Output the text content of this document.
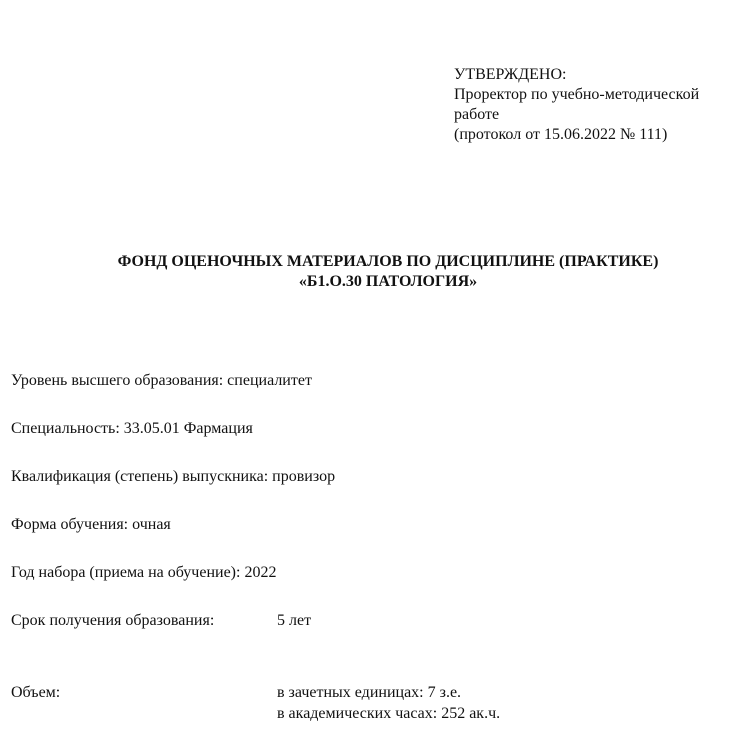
УТВЕРЖДЕНО:
Проректор по учебно-методической
работе
(протокол от 15.06.2022 № 111)
ФОНД ОЦЕНОЧНЫХ МАТЕРИАЛОВ ПО ДИСЦИПЛИНЕ (ПРАКТИКЕ)
«Б1.О.30 ПАТОЛОГИЯ»
Уровень высшего образования: специалитет
Специальность: 33.05.01 Фармация
Квалификация (степень) выпускника: провизор
Форма обучения: очная
Год набора (приема на обучение): 2022
Срок получения образования:	5 лет
Объем:	в зачетных единицах: 7 з.е.
в академических часах: 252 ак.ч.
